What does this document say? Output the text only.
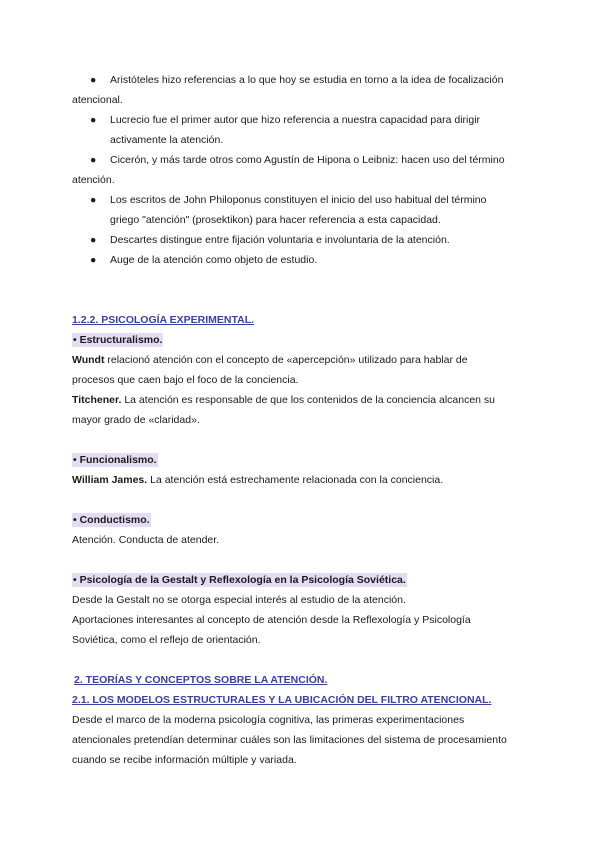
● Aristóteles hizo referencias a lo que hoy se estudia en torno a la idea de focalización
atencional.
● Lucrecio fue el primer autor que hizo referencia a nuestra capacidad para dirigir
activamente la atención.
● Cicerón, y más tarde otros como Agustín de Hipona o Leibniz: hacen uso del término
atención.
● Los escritos de John Philoponus constituyen el inicio del uso habitual del término
griego "atención" (prosektikon) para hacer referencia a esta capacidad.
● Descartes distingue entre fijación voluntaria e involuntaria de la atención.
● Auge de la atención como objeto de estudio.
1.2.2. PSICOLOGÍA EXPERIMENTAL.
• Estructuralismo.
Wundt relacionó atención con el concepto de «apercepción» utilizado para hablar de
procesos que caen bajo el foco de la conciencia.
Titchener. La atención es responsable de que los contenidos de la conciencia alcancen su
mayor grado de «claridad».
• Funcionalismo.
William James. La atención está estrechamente relacionada con la conciencia.
• Conductismo.
Atención. Conducta de atender.
• Psicología de la Gestalt y Reflexología en la Psicología Soviética.
Desde la Gestalt no se otorga especial interés al estudio de la atención.
Aportaciones interesantes al concepto de atención desde la Reflexología y Psicología
Soviética, como el reflejo de orientación.
2. TEORÍAS Y CONCEPTOS SOBRE LA ATENCIÓN.
2.1. LOS MODELOS ESTRUCTURALES Y LA UBICACIÓN DEL FILTRO ATENCIONAL.
Desde el marco de la moderna psicología cognitiva, las primeras experimentaciones
atencionales pretendían determinar cuáles son las limitaciones del sistema de procesamiento
cuando se recibe información múltiple y variada.
